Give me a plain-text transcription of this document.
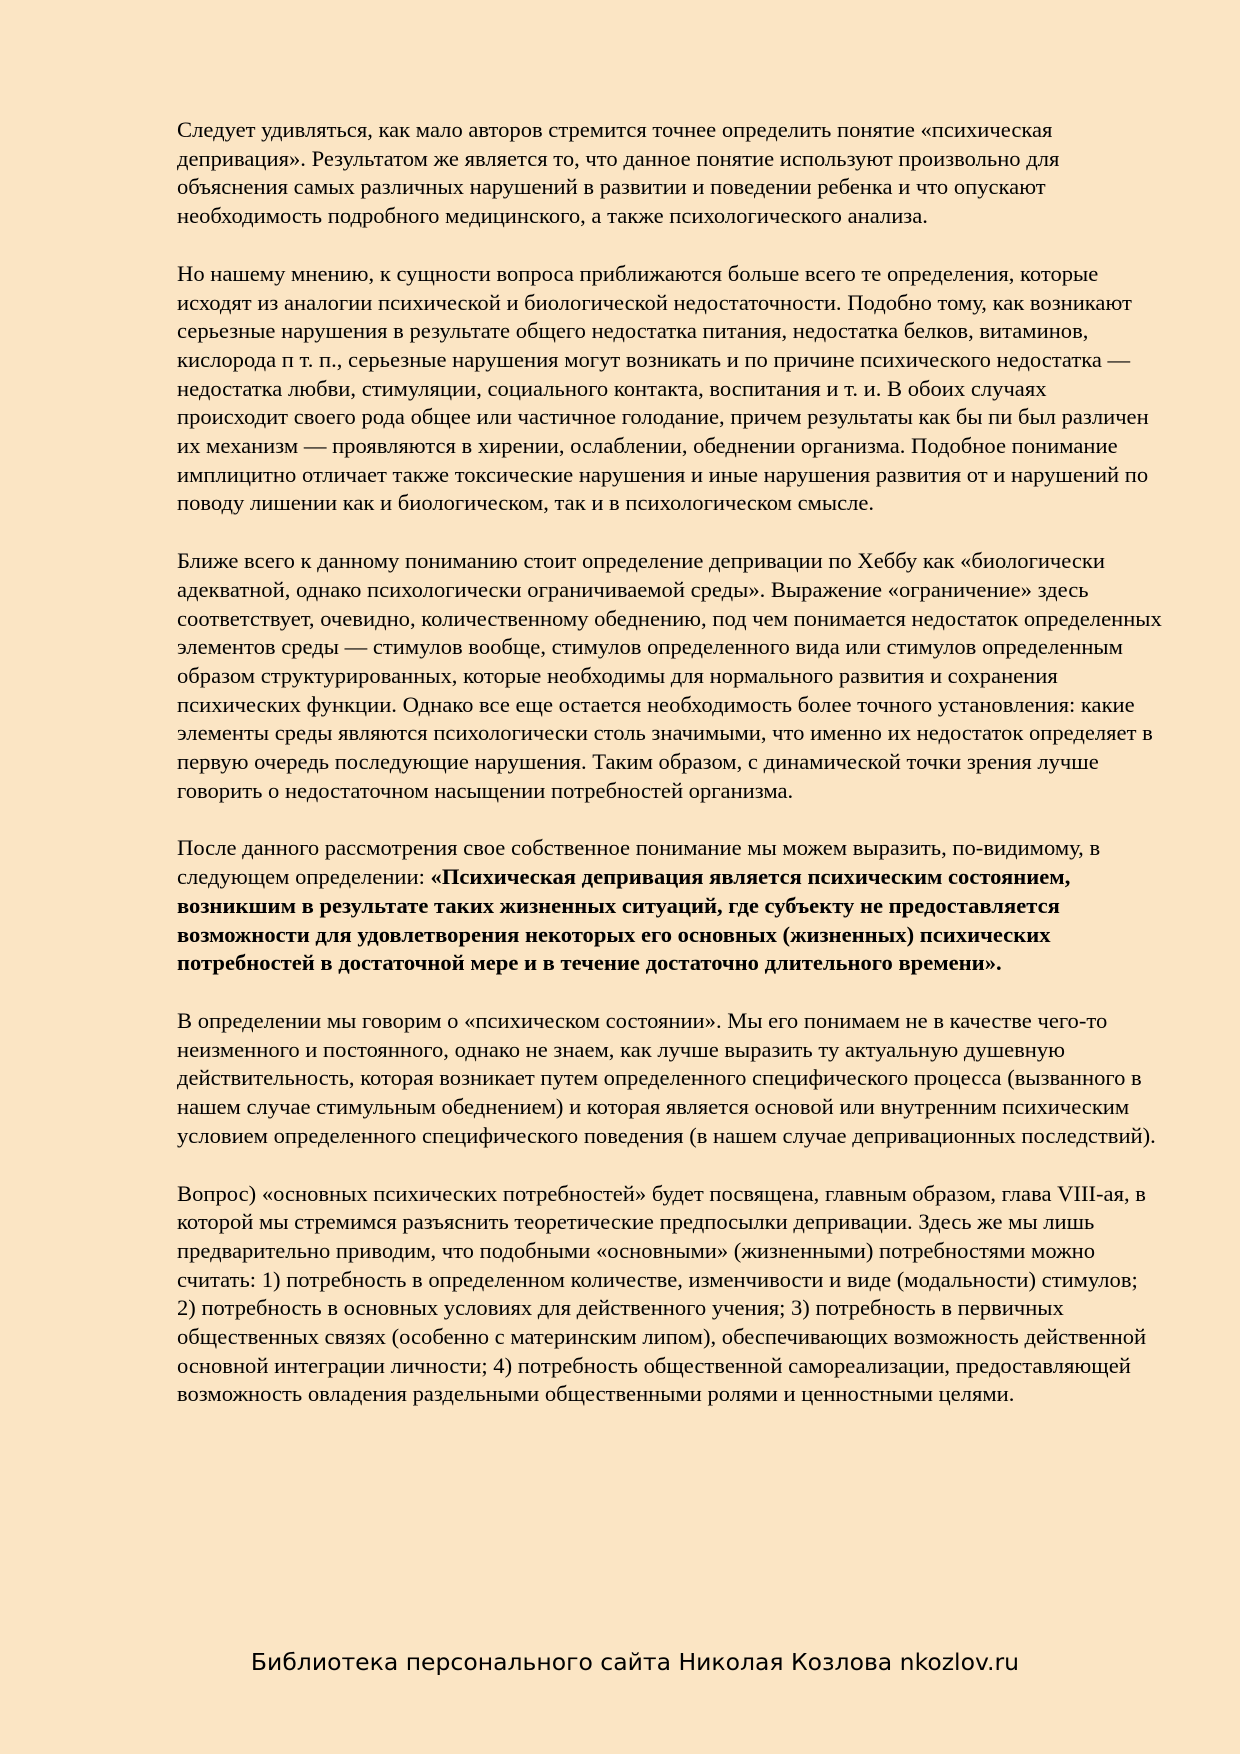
Следует удивляться, как мало авторов стремится точнее определить понятие «психическая депривация». Результатом же является то, что данное понятие используют произвольно для объяснения самых различных нарушений в развитии и поведении ребенка и что опускают необходимость подробного медицинского, а также психологического анализа.

Но нашему мнению, к сущности вопроса приближаются больше всего те определения, которые исходят из аналогии психической и биологической недостаточности. Подобно тому, как возникают серьезные нарушения в результате общего недостатка питания, недостатка белков, витаминов, кислорода п т. п., серьезные нарушения могут возникать и по причине психического недостатка — недостатка любви, стимуляции, социального контакта, воспитания и т. и. В обоих случаях происходит своего рода общее или частичное голодание, причем результаты как бы пи был различен их механизм — проявляются в хирении, ослаблении, обеднении организма. Подобное понимание имплицитно отличает также токсические нарушения и иные нарушения развития от и нарушений по поводу лишении как и биологическом, так и в психологическом смысле.

Ближе всего к данному пониманию стоит определение депривации по Хеббу как «биологически адекватной, однако психологически ограничиваемой среды». Выражение «ограничение» здесь соответствует, очевидно, количественному обеднению, под чем понимается недостаток определенных элементов среды — стимулов вообще, стимулов определенного вида или стимулов определенным образом структурированных, которые необходимы для нормального развития и сохранения психических функции. Однако все еще остается необходимость более точного установления: какие элементы среды являются психологически столь значимыми, что именно их недостаток определяет в первую очередь последующие нарушения. Таким образом, с динамической точки зрения лучше говорить о недостаточном насыщении потребностей организма.

После данного рассмотрения свое собственное понимание мы можем выразить, по-видимому, в следующем определении: «Психическая депривация является психическим состоянием, возникшим в результате таких жизненных ситуаций, где субъекту не предоставляется возможности для удовлетворения некоторых его основных (жизненных) психических потребностей в достаточной мере и в течение достаточно длительного времени».

В определении мы говорим о «психическом состоянии». Мы его понимаем не в качестве чего-то неизменного и постоянного, однако не знаем, как лучше выразить ту актуальную душевную действительность, которая возникает путем определенного специфического процесса (вызванного в нашем случае стимульным обеднением) и которая является основой или внутренним психическим условием определенного специфического поведения (в нашем случае депривационных последствий).

Вопрос) «основных психических потребностей» будет посвящена, главным образом, глава VIII-ая, в которой мы стремимся разъяснить теоретические предпосылки депривации. Здесь же мы лишь предварительно приводим, что подобными «основными» (жизненными) потребностями можно считать: 1) потребность в определенном количестве, изменчивости и виде (модальности) стимулов; 2) потребность в основных условиях для действенного учения; 3) потребность в первичных общественных связях (особенно с материнским липом), обеспечивающих возможность действенной основной интеграции личности; 4) потребность общественной самореализации, предоставляющей возможность овладения раздельными общественными ролями и ценностными целями.

Библиотека персонального сайта Николая Козлова nkozlov.ru
